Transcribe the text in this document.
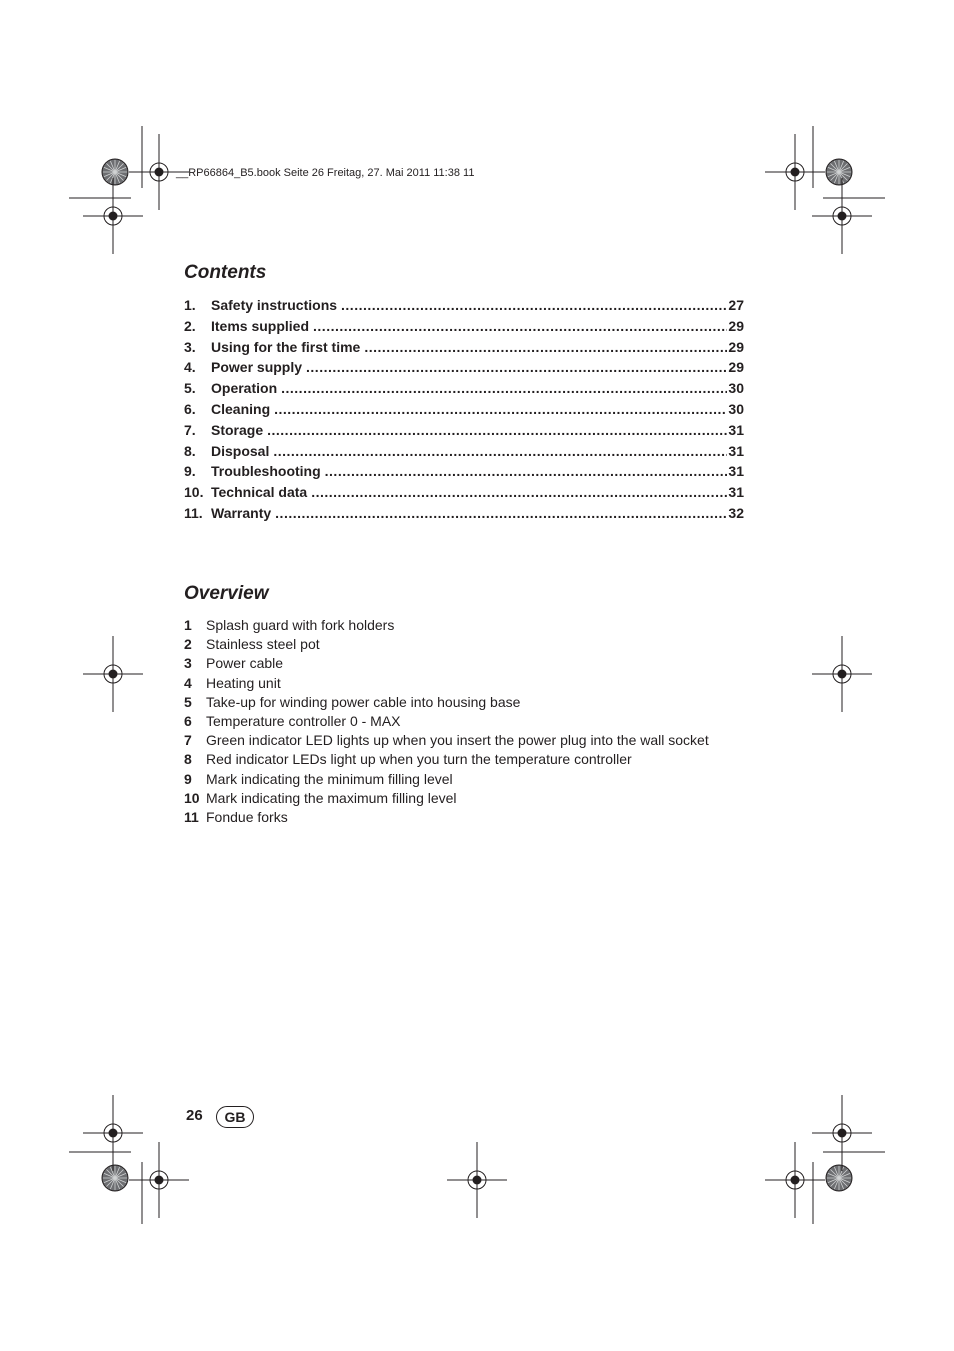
__RP66864_B5.book Seite 26 Freitag, 27. Mai 2011 11:38 11
Contents
1.	Safety instructions .....	27
2.	Items supplied .....	29
3.	Using for the first time .....	29
4.	Power supply .....	29
5.	Operation .....	30
6.	Cleaning .....	30
7.	Storage .....	31
8.	Disposal .....	31
9.	Troubleshooting .....	31
10. Technical data .....	31
11. Warranty .....	32
Overview
1	Splash guard with fork holders
2	Stainless steel pot
3	Power cable
4	Heating unit
5	Take-up for winding power cable into housing base
6	Temperature controller 0 - MAX
7	Green indicator LED lights up when you insert the power plug into the wall socket
8	Red indicator LEDs light up when you turn the temperature controller
9	Mark indicating the minimum filling level
10 Mark indicating the maximum filling level
11 Fondue forks
26	GB
